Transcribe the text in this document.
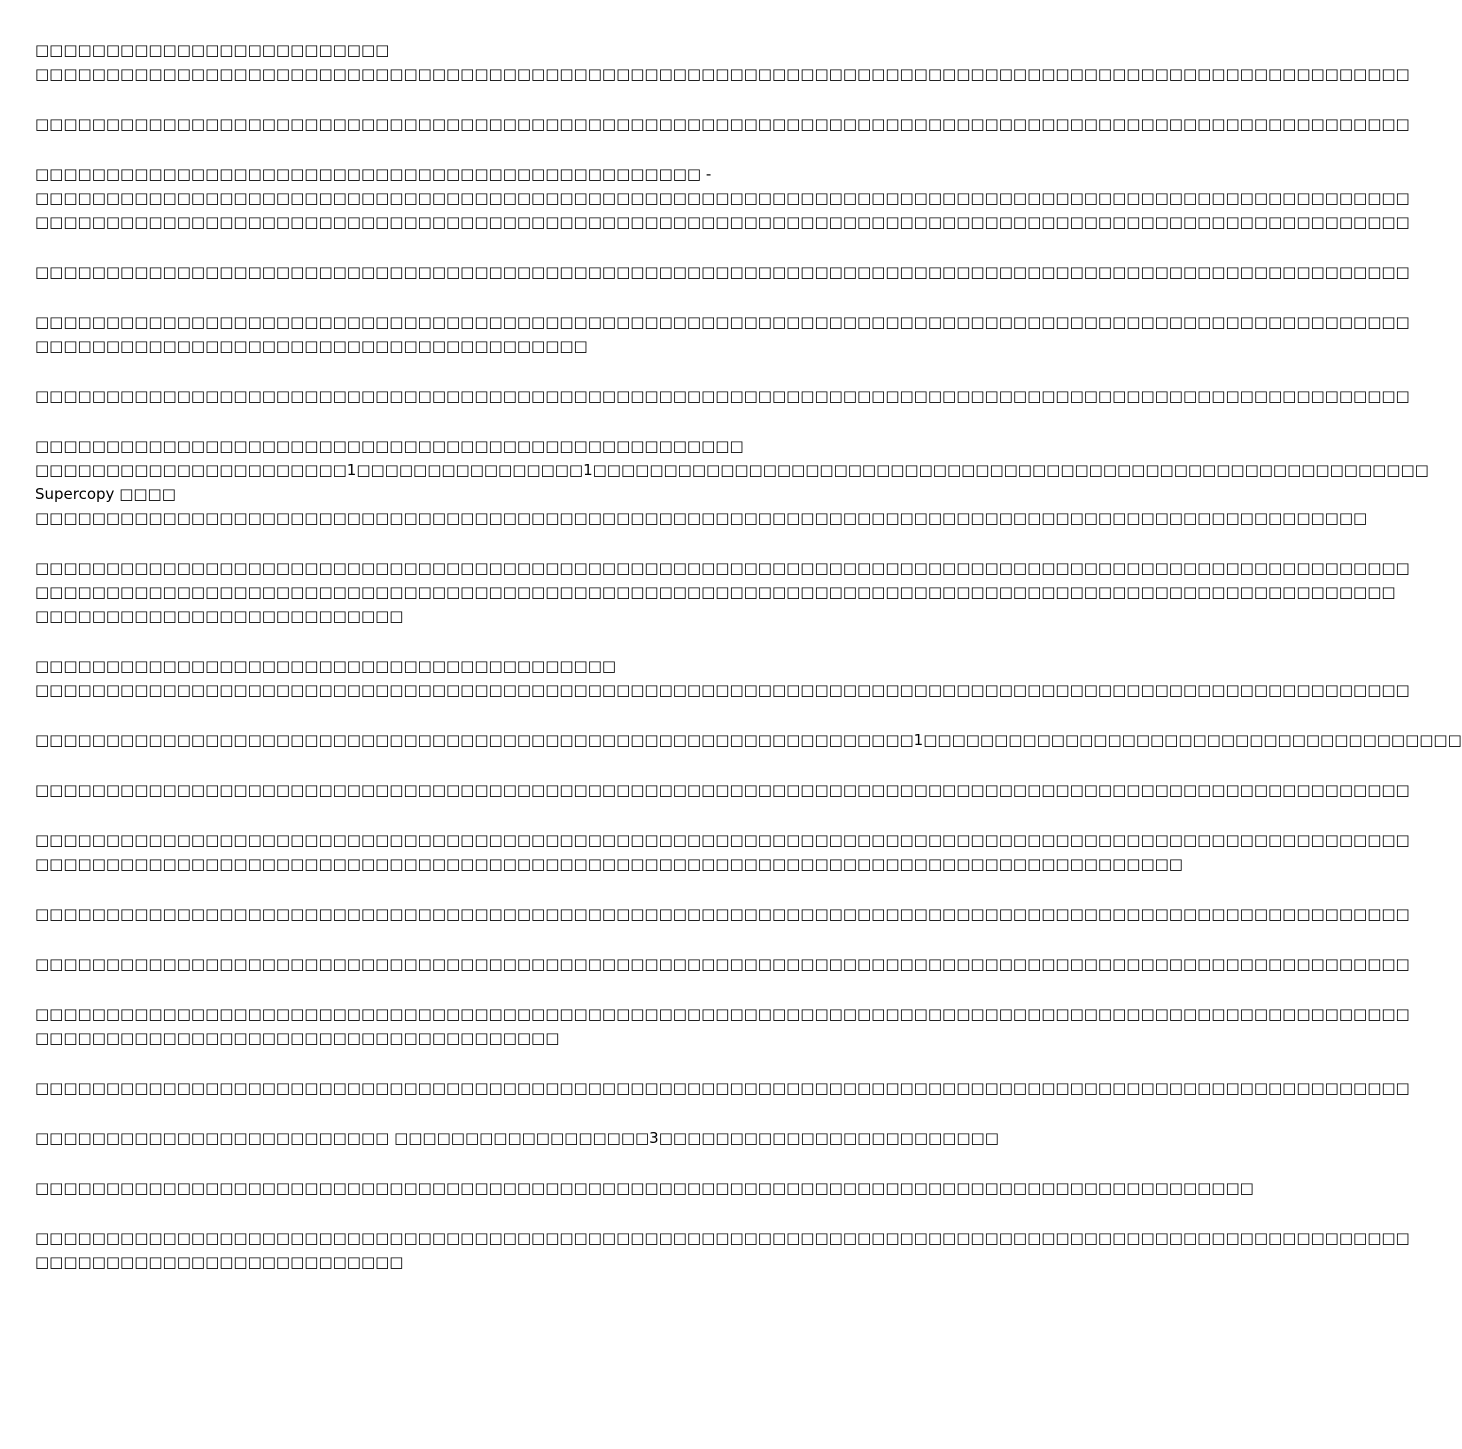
□□□□□□□□□□□□□□□□□□□□□□□□□
□□□□□□□□□□□□□□□□□□□□□□□□□□□□□□□□□□□□□□□□□□□□□□□□□□□□□□□□□□□□□□□□□□□□□□□□□□□□□□□□□□□□□□□□□□□□□□□□□

□□□□□□□□□□□□□□□□□□□□□□□□□□□□□□□□□□□□□□□□□□□□□□□□□□□□□□□□□□□□□□□□□□□□□□□□□□□□□□□□□□□□□□□□□□□□□□□□□

□□□□□□□□□□□□□□□□□□□□□□□□□□□□□□□□□□□□□□□□□□□□□□□ -
□□□□□□□□□□□□□□□□□□□□□□□□□□□□□□□□□□□□□□□□□□□□□□□□□□□□□□□□□□□□□□□□□□□□□□□□□□□□□□□□□□□□□□□□□□□□□□□□□
□□□□□□□□□□□□□□□□□□□□□□□□□□□□□□□□□□□□□□□□□□□□□□□□□□□□□□□□□□□□□□□□□□□□□□□□□□□□□□□□□□□□□□□□□□□□□□□□□

□□□□□□□□□□□□□□□□□□□□□□□□□□□□□□□□□□□□□□□□□□□□□□□□□□□□□□□□□□□□□□□□□□□□□□□□□□□□□□□□□□□□□□□□□□□□□□□□□

□□□□□□□□□□□□□□□□□□□□□□□□□□□□□□□□□□□□□□□□□□□□□□□□□□□□□□□□□□□□□□□□□□□□□□□□□□□□□□□□□□□□□□□□□□□□□□□□□
□□□□□□□□□□□□□□□□□□□□□□□□□□□□□□□□□□□□□□□

□□□□□□□□□□□□□□□□□□□□□□□□□□□□□□□□□□□□□□□□□□□□□□□□□□□□□□□□□□□□□□□□□□□□□□□□□□□□□□□□□□□□□□□□□□□□□□□□□

□□□□□□□□□□□□□□□□□□□□□□□□□□□□□□□□□□□□□□□□□□□□□□□□□□
□□□□□□□□□□□□□□□□□□□□□□1□□□□□□□□□□□□□□□□1□□□□□□□□□□□□□□□□□□□□□□□□□□□□□□□□□□□□□□□□□□□□□□□□□□□□□□□□□□□
Supercopy □□□□
□□□□□□□□□□□□□□□□□□□□□□□□□□□□□□□□□□□□□□□□□□□□□□□□□□□□□□□□□□□□□□□□□□□□□□□□□□□□□□□□□□□□□□□□□□□□□□

□□□□□□□□□□□□□□□□□□□□□□□□□□□□□□□□□□□□□□□□□□□□□□□□□□□□□□□□□□□□□□□□□□□□□□□□□□□□□□□□□□□□□□□□□□□□□□□□□
□□□□□□□□□□□□□□□□□□□□□□□□□□□□□□□□□□□□□□□□□□□□□□□□□□□□□□□□□□□□□□□□□□□□□□□□□□□□□□□□□□□□□□□□□□□□□□□□
□□□□□□□□□□□□□□□□□□□□□□□□□□

□□□□□□□□□□□□□□□□□□□□□□□□□□□□□□□□□□□□□□□□□
□□□□□□□□□□□□□□□□□□□□□□□□□□□□□□□□□□□□□□□□□□□□□□□□□□□□□□□□□□□□□□□□□□□□□□□□□□□□□□□□□□□□□□□□□□□□□□□□□

□□□□□□□□□□□□□□□□□□□□□□□□□□□□□□□□□□□□□□□□□□□□□□□□□□□□□□□□□□□□□□1□□□□□□□□□□□□□□□□□□□□□□□□□□□□□□□□□□□□□□

□□□□□□□□□□□□□□□□□□□□□□□□□□□□□□□□□□□□□□□□□□□□□□□□□□□□□□□□□□□□□□□□□□□□□□□□□□□□□□□□□□□□□□□□□□□□□□□□□

□□□□□□□□□□□□□□□□□□□□□□□□□□□□□□□□□□□□□□□□□□□□□□□□□□□□□□□□□□□□□□□□□□□□□□□□□□□□□□□□□□□□□□□□□□□□□□□□□
□□□□□□□□□□□□□□□□□□□□□□□□□□□□□□□□□□□□□□□□□□□□□□□□□□□□□□□□□□□□□□□□□□□□□□□□□□□□□□□□□

□□□□□□□□□□□□□□□□□□□□□□□□□□□□□□□□□□□□□□□□□□□□□□□□□□□□□□□□□□□□□□□□□□□□□□□□□□□□□□□□□□□□□□□□□□□□□□□□□

□□□□□□□□□□□□□□□□□□□□□□□□□□□□□□□□□□□□□□□□□□□□□□□□□□□□□□□□□□□□□□□□□□□□□□□□□□□□□□□□□□□□□□□□□□□□□□□□□

□□□□□□□□□□□□□□□□□□□□□□□□□□□□□□□□□□□□□□□□□□□□□□□□□□□□□□□□□□□□□□□□□□□□□□□□□□□□□□□□□□□□□□□□□□□□□□□□□
□□□□□□□□□□□□□□□□□□□□□□□□□□□□□□□□□□□□□

□□□□□□□□□□□□□□□□□□□□□□□□□□□□□□□□□□□□□□□□□□□□□□□□□□□□□□□□□□□□□□□□□□□□□□□□□□□□□□□□□□□□□□□□□□□□□□□□□

□□□□□□□□□□□□□□□□□□□□□□□□□ □□□□□□□□□□□□□□□□□□3□□□□□□□□□□□□□□□□□□□□□□□□

□□□□□□□□□□□□□□□□□□□□□□□□□□□□□□□□□□□□□□□□□□□□□□□□□□□□□□□□□□□□□□□□□□□□□□□□□□□□□□□□□□□□□□

□□□□□□□□□□□□□□□□□□□□□□□□□□□□□□□□□□□□□□□□□□□□□□□□□□□□□□□□□□□□□□□□□□□□□□□□□□□□□□□□□□□□□□□□□□□□□□□□□
□□□□□□□□□□□□□□□□□□□□□□□□□□
